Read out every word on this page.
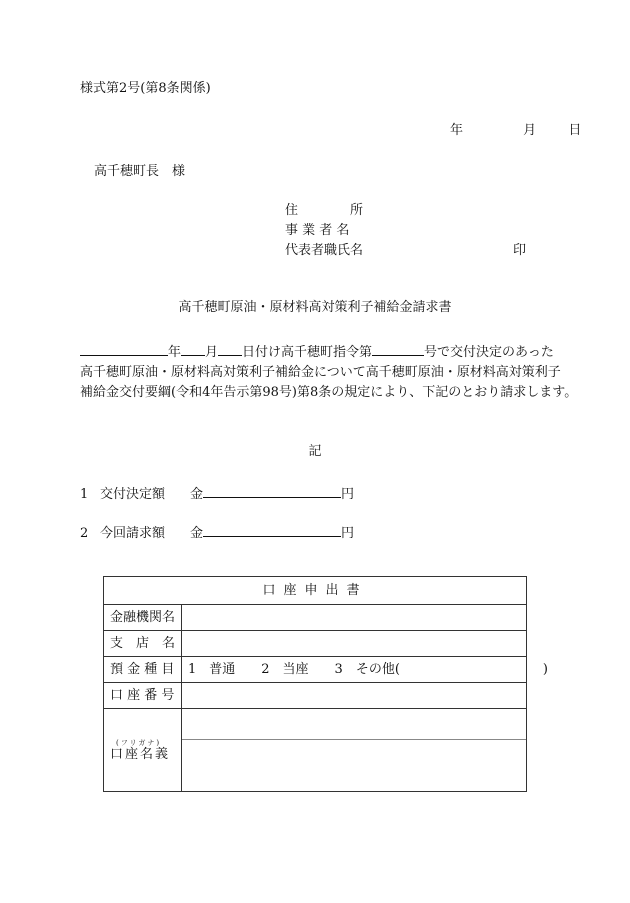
様式第2号(第8条関係)
年	月 日
高千穂町長　様
住　　　　所
事 業 者 名
代表者職氏名	印
高千穂町原油・原材料高対策利子補給金請求書
年 月 日付け高千穂町指令第	号で交付決定のあった
高千穂町原油・原材料高対策利子補給金について高千穂町原油・原材料高対策利子
補給金交付要綱(令和4年告示第98号)第8条の規定により、下記のとおり請求します。
記
1 交付決定額 金	円
2 今回請求額 金	円
口座申出書
金融機関名
支　店　名
預 金 種 目 1　普通　　2　当座　　3　その他(　　　　　　　　　　　)
口 座 番 号
(フリガナ)
口座名義
